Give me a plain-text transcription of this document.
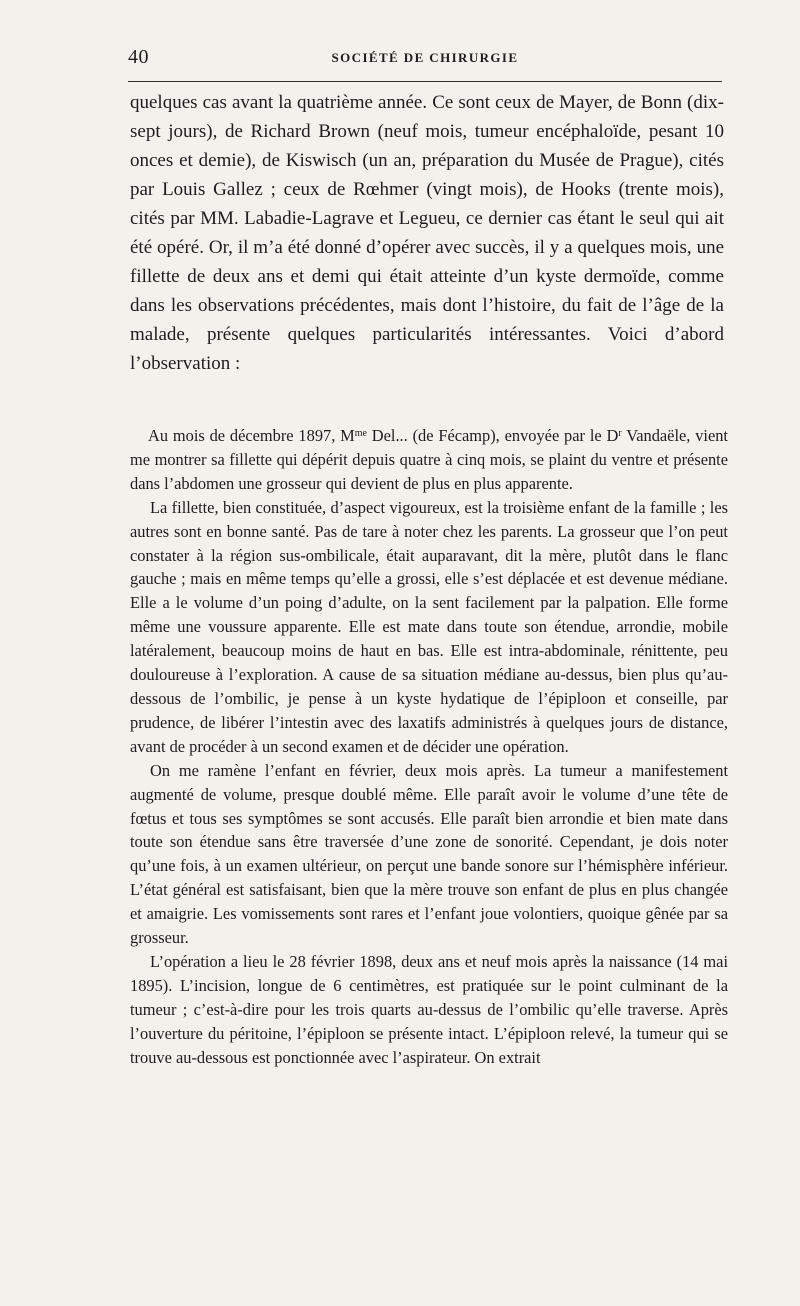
40	SOCIÉTÉ DE CHIRURGIE

quelques cas avant la quatrième année. Ce sont ceux de Mayer, de Bonn (dix-sept jours), de Richard Brown (neuf mois, tumeur encéphaloïde, pesant 10 onces et demie), de Kiswisch (un an, préparation du Musée de Prague), cités par Louis Gallez ; ceux de Rœhmer (vingt mois), de Hooks (trente mois), cités par MM. Labadie-Lagrave et Legueu, ce dernier cas étant le seul qui ait été opéré. Or, il m’a été donné d’opérer avec succès, il y a quelques mois, une fillette de deux ans et demi qui était atteinte d’un kyste dermoïde, comme dans les observations précédentes, mais dont l’histoire, du fait de l’âge de la malade, présente quelques particularités intéressantes. Voici d’abord l’observation :

Au mois de décembre 1897, $M^{me}$ Del... (de Fécamp), envoyée par le $D^r$ Vandaële, vient me montrer sa fillette qui dépérit depuis quatre à cinq mois, se plaint du ventre et présente dans l’abdomen une grosseur qui devient de plus en plus apparente.

La fillette, bien constituée, d’aspect vigoureux, est la troisième enfant de la famille ; les autres sont en bonne santé. Pas de tare à noter chez les parents. La grosseur que l’on peut constater à la région sus-ombilicale, était auparavant, dit la mère, plutôt dans le flanc gauche ; mais en même temps qu’elle a grossi, elle s’est déplacée et est devenue médiane. Elle a le volume d’un poing d’adulte, on la sent facilement par la palpation. Elle forme même une voussure apparente. Elle est mate dans toute son étendue, arrondie, mobile latéralement, beaucoup moins de haut en bas. Elle est intra-abdominale, rénittente, peu douloureuse à l’exploration. A cause de sa situation médiane au-dessus, bien plus qu’au-dessous de l’ombilic, je pense à un kyste hydatique de l’épiploon et conseille, par prudence, de libérer l’intestin avec des laxatifs administrés à quelques jours de distance, avant de procéder à un second examen et de décider une opération.

On me ramène l’enfant en février, deux mois après. La tumeur a manifestement augmenté de volume, presque doublé même. Elle paraît avoir le volume d’une tête de fœtus et tous ses symptômes se sont accusés. Elle paraît bien arrondie et bien mate dans toute son étendue sans être traversée d’une zone de sonorité. Cependant, je dois noter qu’une fois, à un examen ultérieur, on perçut une bande sonore sur l’hémisphère inférieur. L’état général est satisfaisant, bien que la mère trouve son enfant de plus en plus changée et amaigrie. Les vomissements sont rares et l’enfant joue volontiers, quoique gênée par sa grosseur.

L’opération a lieu le 28 février 1898, deux ans et neuf mois après la naissance (14 mai 1895). L’incision, longue de 6 centimètres, est pratiquée sur le point culminant de la tumeur ; c’est-à-dire pour les trois quarts au-dessus de l’ombilic qu’elle traverse. Après l’ouverture du péritoine, l’épiploon se présente intact. L’épiploon relevé, la tumeur qui se trouve au-dessous est ponctionnée avec l’aspirateur. On extrait
